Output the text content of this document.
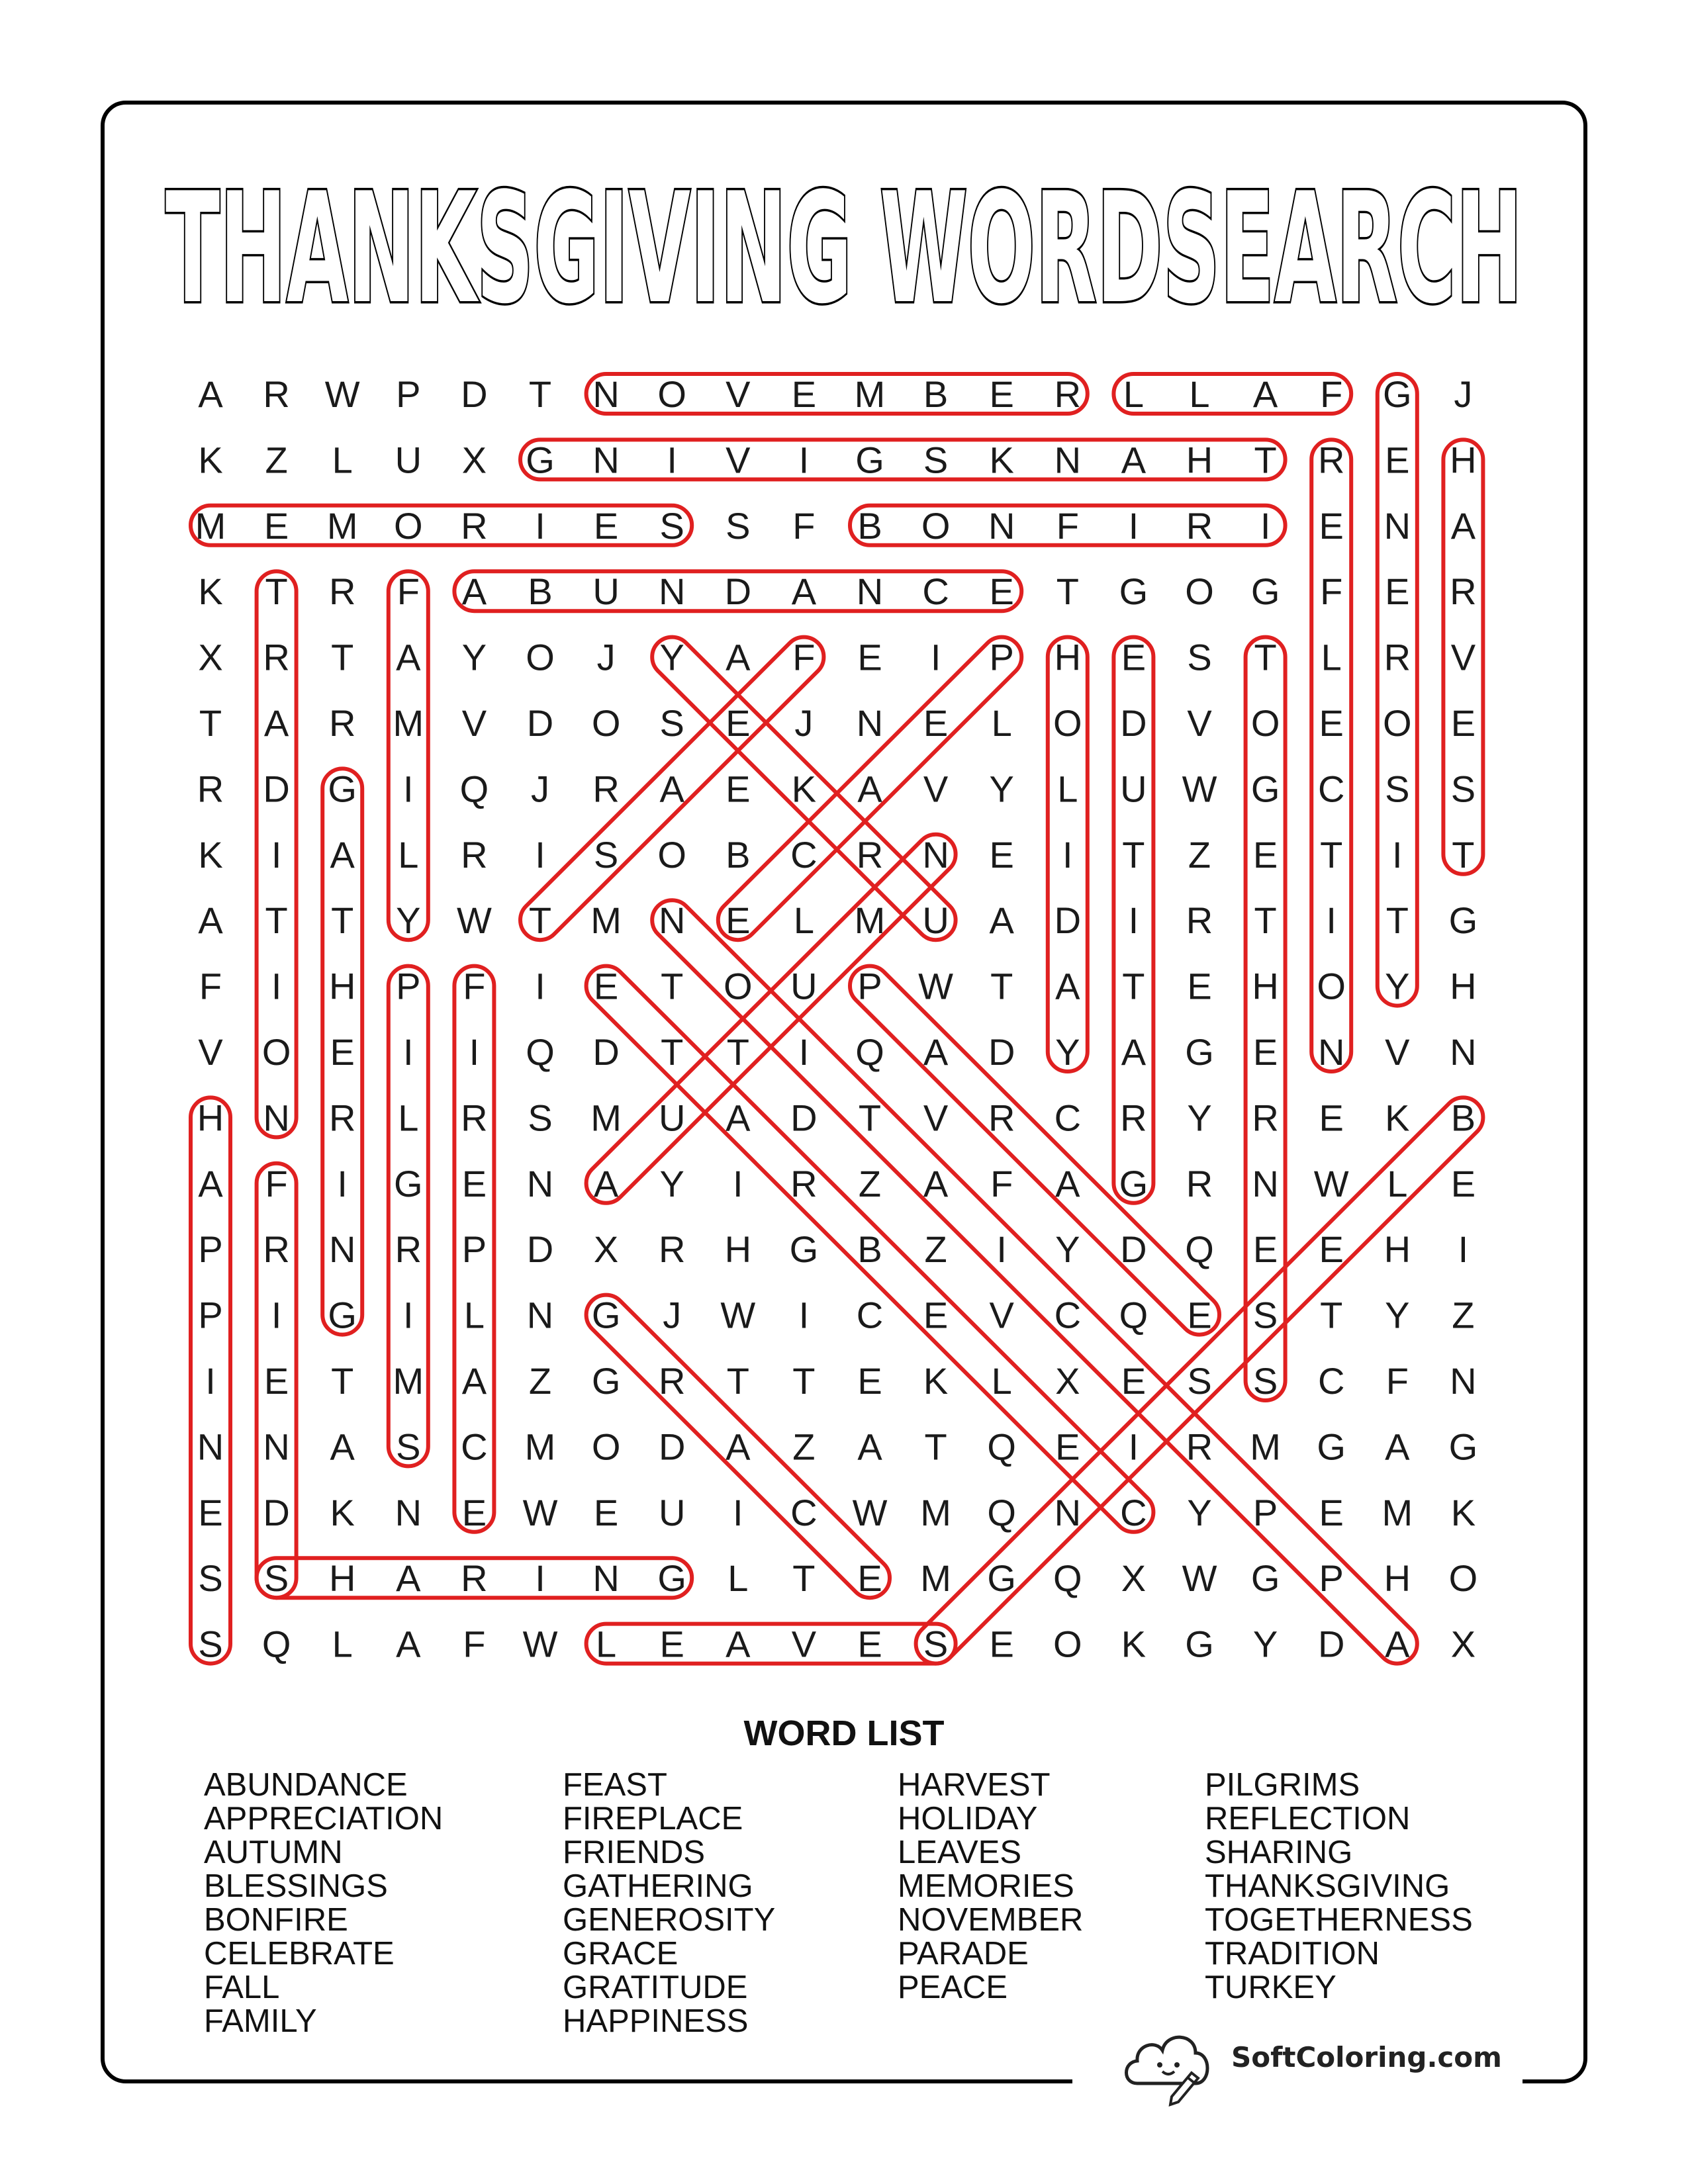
THANKSGIVING WORDSEARCH
A R W P D T N O V E M B E R L L A F G J
K Z L U X G N I V I G S K N A H T R E H
M E M O R I E S S F B O N F I R I E N A
K T R F A B U N D A N C E T G O G F E R
X R T A Y O J Y A F E I P H E S T L R V
T A R M V D O S E J N E L O D V O E O E
R D G I Q J R A E K A V Y L U W G C S S
K I A L R I S O B C R N E I T Z E T I T
A T T Y W T M N E L M U A D I R T I T G
F I H P F I E T O U P W T A T E H O Y H
V O E I I Q D T T I Q A D Y A G E N V N
H N R L R S M U A D T V R C R Y R E K B
A F I G E N A Y I R Z A F A G R N W L E
P R N R P D X R H G B Z I Y D Q E E H I
P I G I L N G J W I C E V C Q E S T Y Z
I E T M A Z G R T T E K L X E S S C F N
N N A S C M O D A Z A T Q E I R M G A G
E D K N E W E U I C W M Q N C Y P E M K
S S H A R I N G L T E M G Q X W G P H O
S Q L A F W L E A V E S E O K G Y D A X
WORD LIST
ABUNDANCE
APPRECIATION
AUTUMN
BLESSINGS
BONFIRE
CELEBRATE
FALL
FAMILY
FEAST
FIREPLACE
FRIENDS
GATHERING
GENEROSITY
GRACE
GRATITUDE
HAPPINESS
HARVEST
HOLIDAY
LEAVES
MEMORIES
NOVEMBER
PARADE
PEACE
PILGRIMS
REFLECTION
SHARING
THANKSGIVING
TOGETHERNESS
TRADITION
TURKEY
SoftColoring.com
